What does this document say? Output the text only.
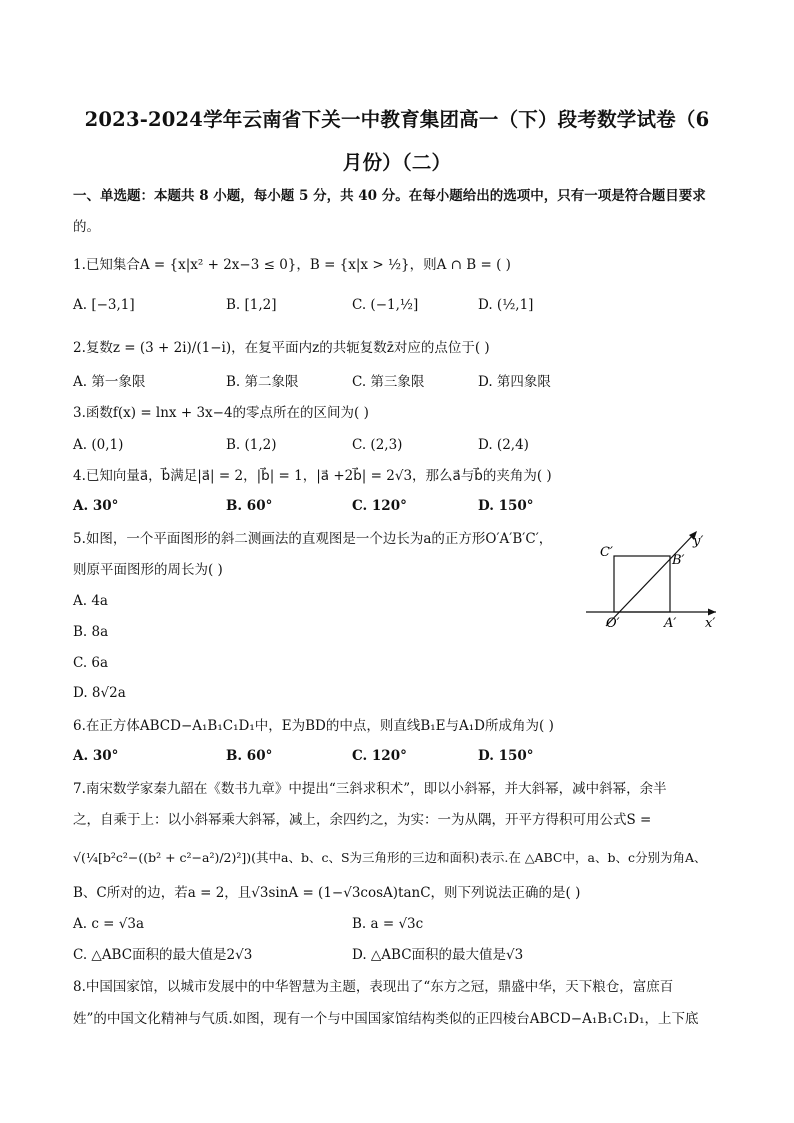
2023-2024学年云南省下关一中教育集团高一（下）段考数学试卷（6
月份）（二）
一、单选题：本题共 8 小题，每小题 5 分，共 40 分。在每小题给出的选项中，只有一项是符合题目要求
的。
1.已知集合A = {x|x² + 2x−3 ≤ 0}，B = {x|x > ½}，则A ∩ B = ( )
A. [−3,1]	B. [1,2]	C. (−1,½]	D. (½,1]
2.复数z = (3 + 2i)/(1−i)，在复平面内z的共轭复数z̄对应的点位于( )
A. 第一象限	B. 第二象限	C. 第三象限	D. 第四象限
3.函数f(x) = lnx + 3x−4的零点所在的区间为( )
A. (0,1)	B. (1,2)	C. (2,3)	D. (2,4)
4.已知向量a⃗，b⃗满足|a⃗| = 2，|b⃗| = 1，|a⃗ +2b⃗| = 2√3，那么a⃗与b⃗的夹角为( )
A. 30°	B. 60°	C. 120°	D. 150°
5.如图，一个平面图形的斜二测画法的直观图是一个边长为a的正方形O′A′B′C′，
则原平面图形的周长为( )
A. 4a
B. 8a
C. 6a
D. 8√2a
C′
B′
O′	A′ x′
y′
6.在正方体ABCD−A₁B₁C₁D₁中，E为BD的中点，则直线B₁E与A₁D所成角为( )
A. 30°	B. 60°	C. 120°	D. 150°
7.南宋数学家秦九韶在《数书九章》中提出“三斜求积术”，即以小斜幂，并大斜幂，减中斜幂，余半
之，自乘于上：以小斜幂乘大斜幂，减上，余四约之，为实：一为从隅，开平方得积可用公式S =
√(¼[b²c²−((b² + c²−a²)/2)²])(其中a、b、c、S为三角形的三边和面积)表示.在 △ABC中，a、b、c分别为角A、
B、C所对的边，若a = 2，且√3sinA = (1−√3cosA)tanC，则下列说法正确的是( )
A. c = √3a	B. a = √3c
C. △ABC面积的最大值是2√3	D. △ABC面积的最大值是√3
8.中国国家馆，以城市发展中的中华智慧为主题，表现出了“东方之冠，鼎盛中华，天下粮仓，富庶百
姓”的中国文化精神与气质.如图，现有一个与中国国家馆结构类似的正四棱台ABCD−A₁B₁C₁D₁，上下底
